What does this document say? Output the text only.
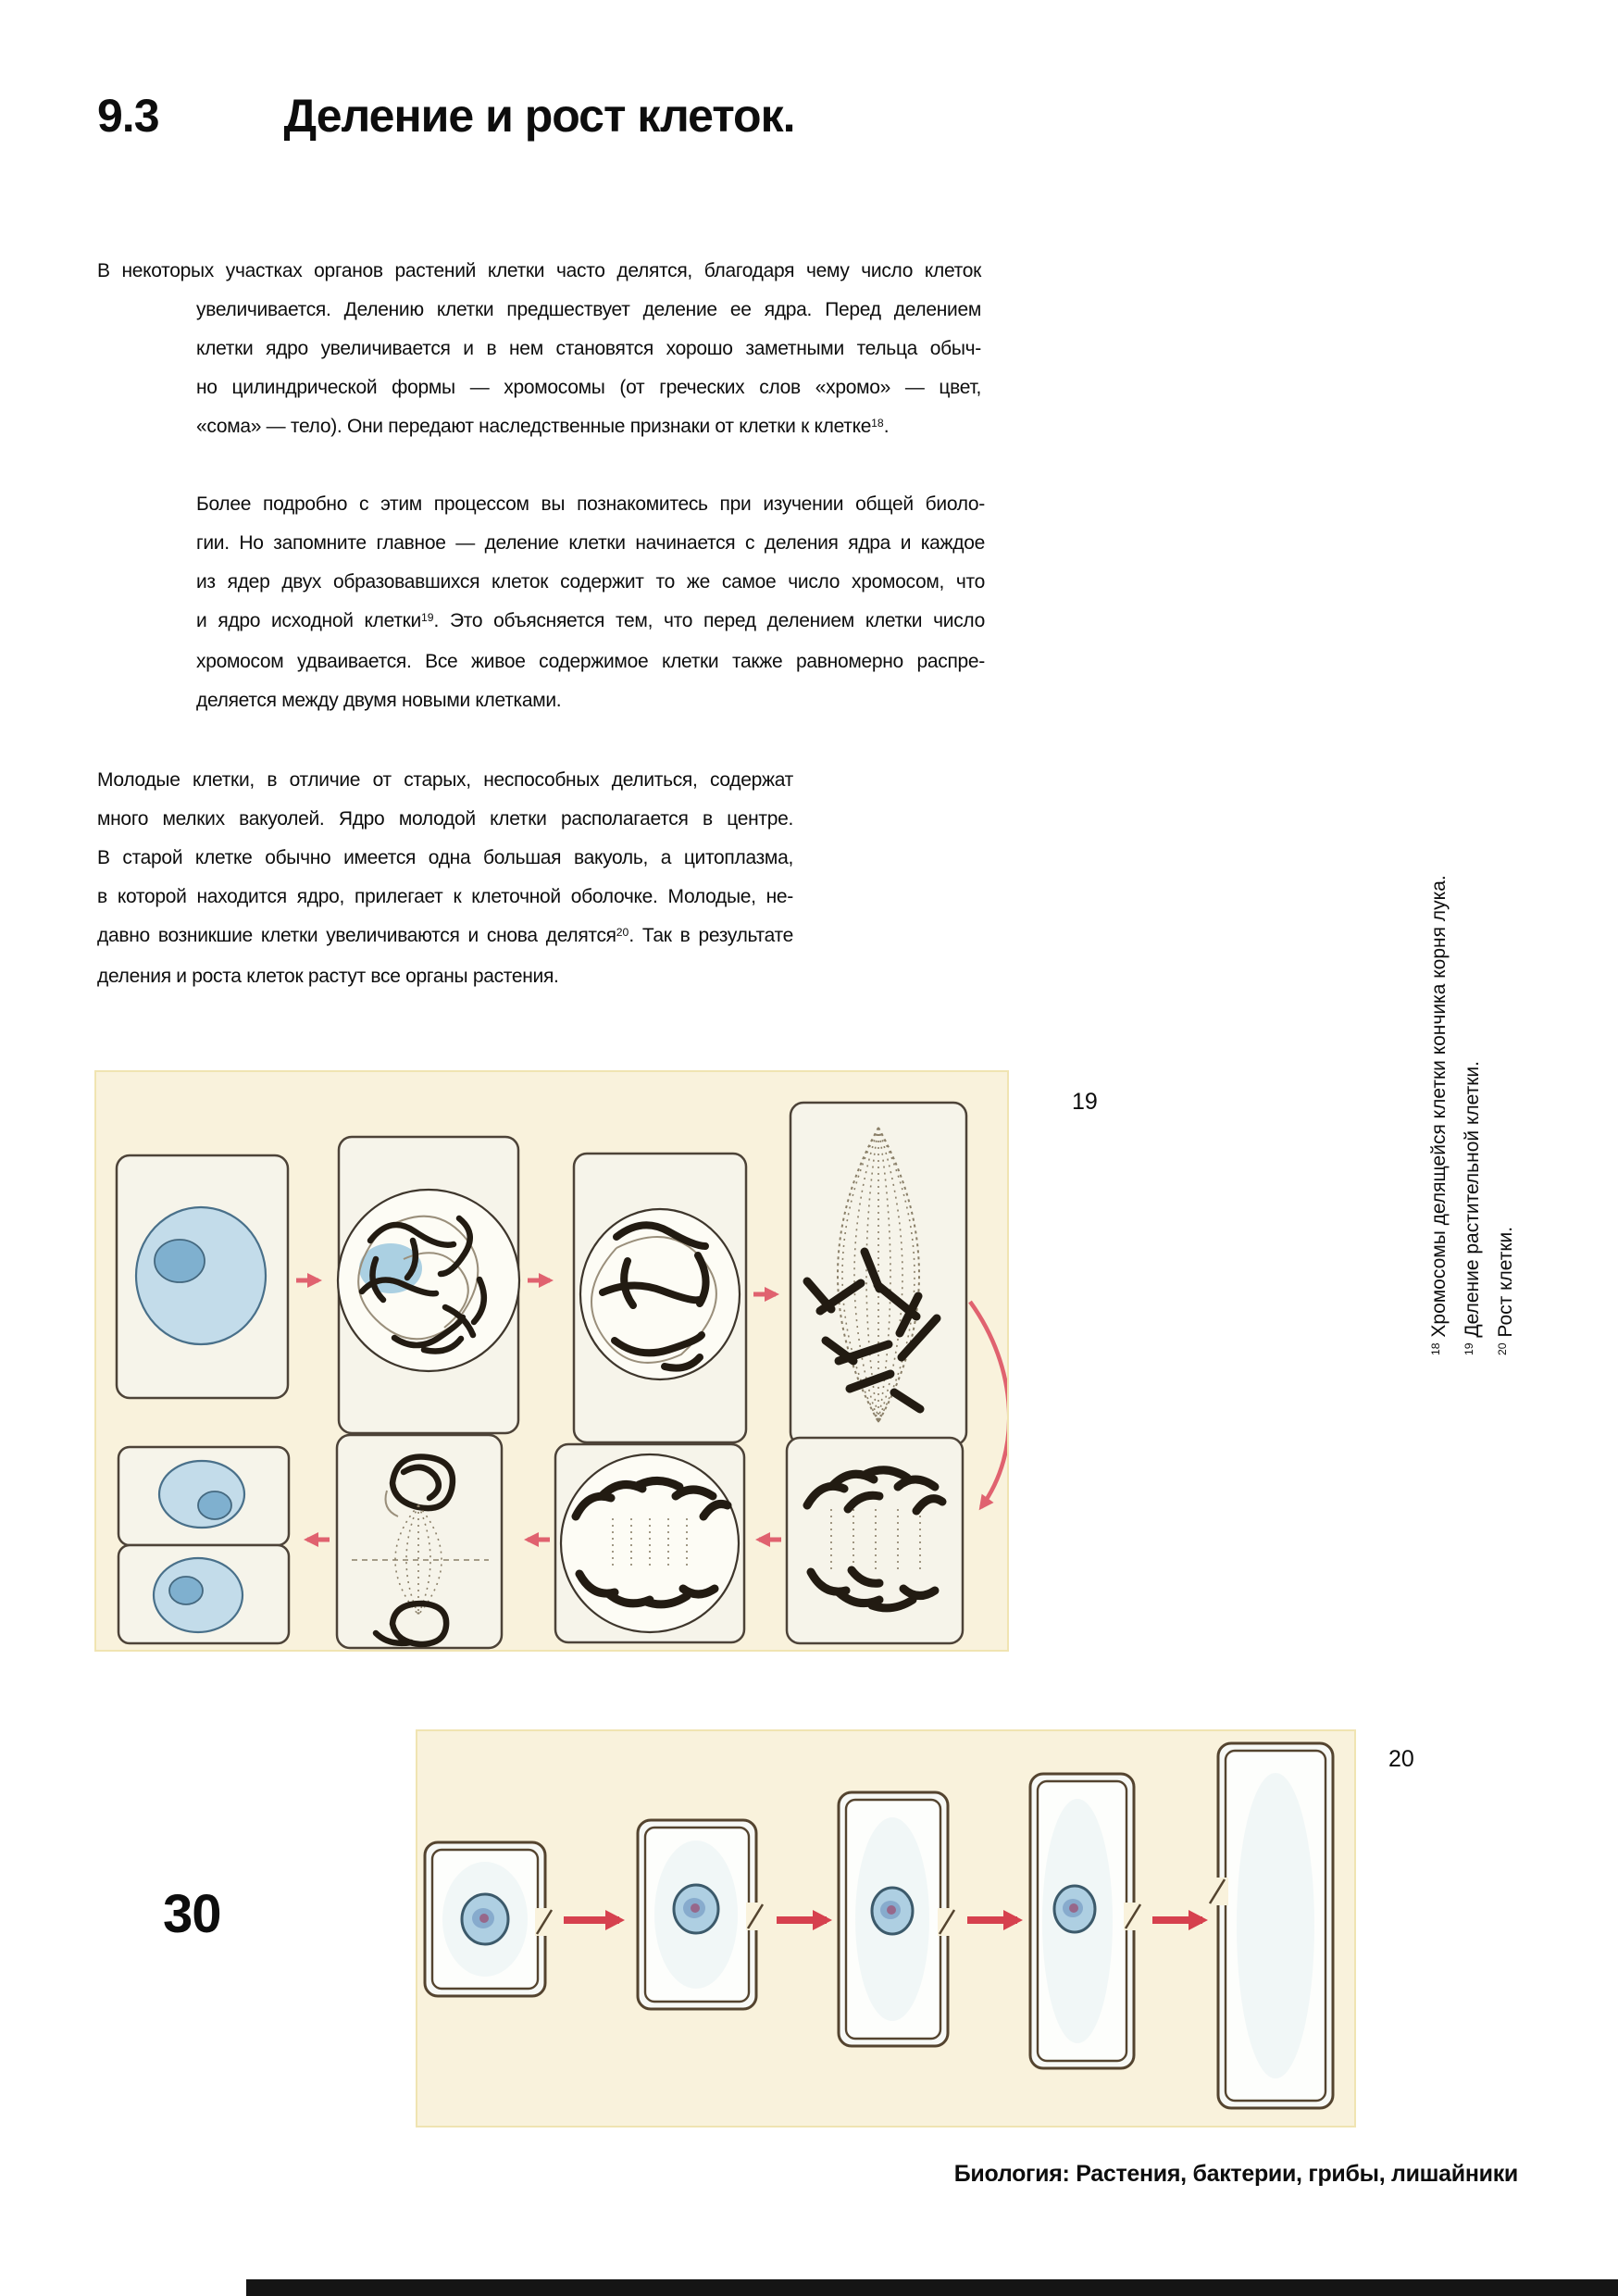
9.3	Деление и рост клеток.
В некоторых участках органов растений клетки часто делятся, благодаря чему число клеток
увеличивается. Делению клетки предшествует деление ее ядра. Перед делением
клетки ядро увеличивается и в нем становятся хорошо заметными тельца обыч-
но цилиндрической формы — хромосомы (от греческих слов «хромо» — цвет,
«сома» — тело). Они передают наследственные признаки от клетки к клетке$^{18}$.
Более подробно с этим процессом вы познакомитесь при изучении общей биоло-
гии. Но запомните главное — деление клетки начинается с деления ядра и каждое
из ядер двух образовавшихся клеток содержит то же самое число хромосом, что
и ядро исходной клетки$^{19}$. Это объясняется тем, что перед делением клетки число
хромосом удваивается. Все живое содержимое клетки также равномерно распре-
деляется между двумя новыми клетками.
Молодые клетки, в отличие от старых, неспособных делиться, содержат
много мелких вакуолей. Ядро молодой клетки располагается в центре.
В старой клетке обычно имеется одна большая вакуоль, а цитоплазма,
в которой находится ядро, прилегает к клеточной оболочке. Молодые, не-
давно возникшие клетки увеличиваются и снова делятся$^{20}$. Так в результате
деления и роста клеток растут все органы растения.
19
20
$^{18}$ Хромосомы делящейся клетки кончика корня лука.
$^{19}$ Деление растительной клетки.
$^{20}$ Рост клетки.
30
Биология: Растения, бактерии, грибы, лишайники
